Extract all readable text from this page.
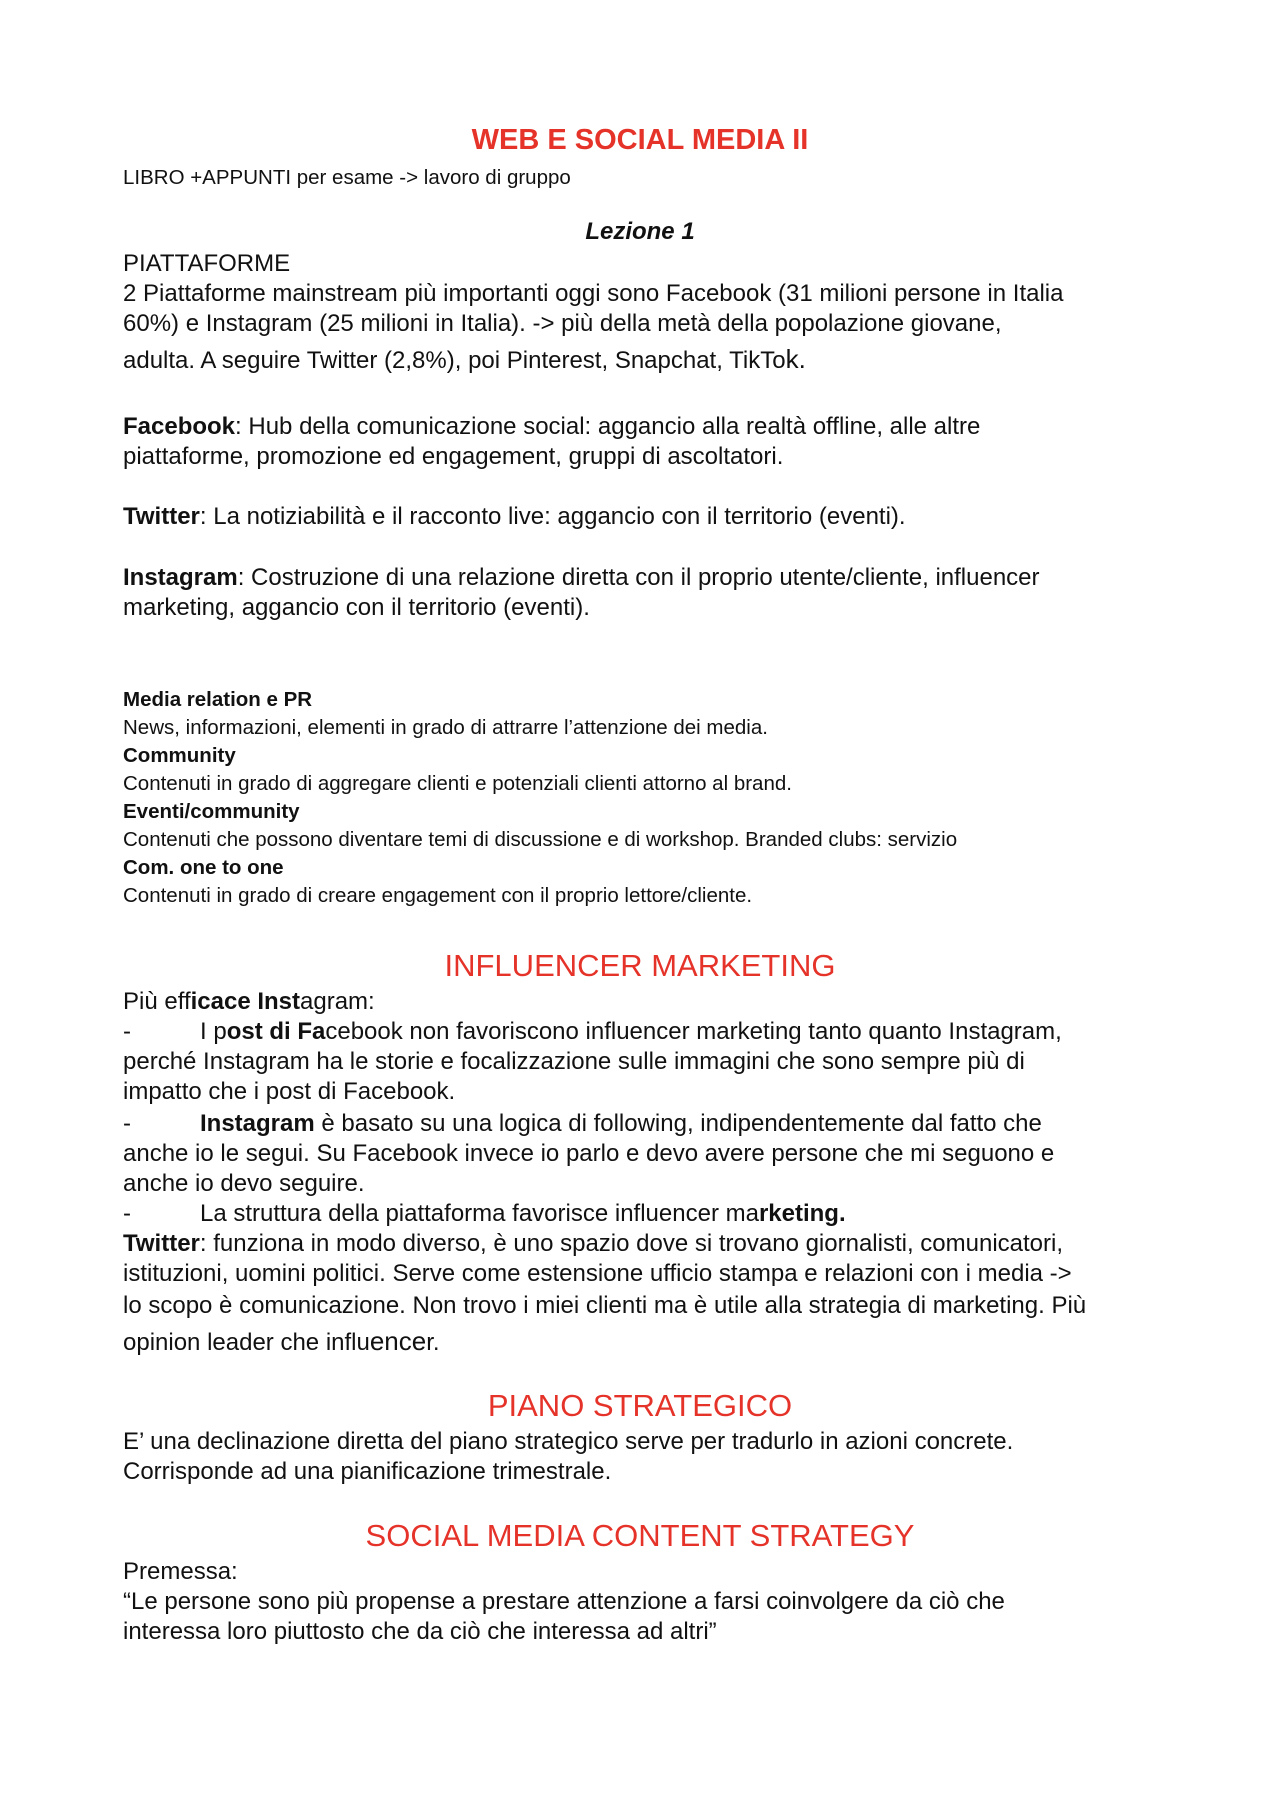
WEB E SOCIAL MEDIA II
LIBRO +APPUNTI per esame -> lavoro di gruppo
Lezione 1
PIATTAFORME
2 Piattaforme mainstream più importanti oggi sono Facebook (31 milioni persone in Italia
60%) e Instagram (25 milioni in Italia). -> più della metà della popolazione giovane,
adulta. A seguire Twitter (2,8%), poi Pinterest, Snapchat, TikTok.
Facebook: Hub della comunicazione social: aggancio alla realtà offline, alle altre
piattaforme, promozione ed engagement, gruppi di ascoltatori.
Twitter: La notiziabilità e il racconto live: aggancio con il territorio (eventi).
Instagram: Costruzione di una relazione diretta con il proprio utente/cliente, influencer
marketing, aggancio con il territorio (eventi).
Media relation e PR
News, informazioni, elementi in grado di attrarre l’attenzione dei media.
Community
Contenuti in grado di aggregare clienti e potenziali clienti attorno al brand.
Eventi/community
Contenuti che possono diventare temi di discussione e di workshop. Branded clubs: servizio
Com. one to one
Contenuti in grado di creare engagement con il proprio lettore/cliente.
INFLUENCER MARKETING
Più efficace Instagram:
-	I post di Facebook non favoriscono influencer marketing tanto quanto Instagram,
perché Instagram ha le storie e focalizzazione sulle immagini che sono sempre più di
impatto che i post di Facebook.
-	Instagram è basato su una logica di following, indipendentemente dal fatto che
anche io le segui. Su Facebook invece io parlo e devo avere persone che mi seguono e
anche io devo seguire.
-	La struttura della piattaforma favorisce influencer marketing.
Twitter: funziona in modo diverso, è uno spazio dove si trovano giornalisti, comunicatori,
istituzioni, uomini politici. Serve come estensione ufficio stampa e relazioni con i media ->
lo scopo è comunicazione. Non trovo i miei clienti ma è utile alla strategia di marketing. Più
opinion leader che influencer.
PIANO STRATEGICO
E’ una declinazione diretta del piano strategico serve per tradurlo in azioni concrete.
Corrisponde ad una pianificazione trimestrale.
SOCIAL MEDIA CONTENT STRATEGY
Premessa:
“Le persone sono più propense a prestare attenzione a farsi coinvolgere da ciò che
interessa loro piuttosto che da ciò che interessa ad altri”
